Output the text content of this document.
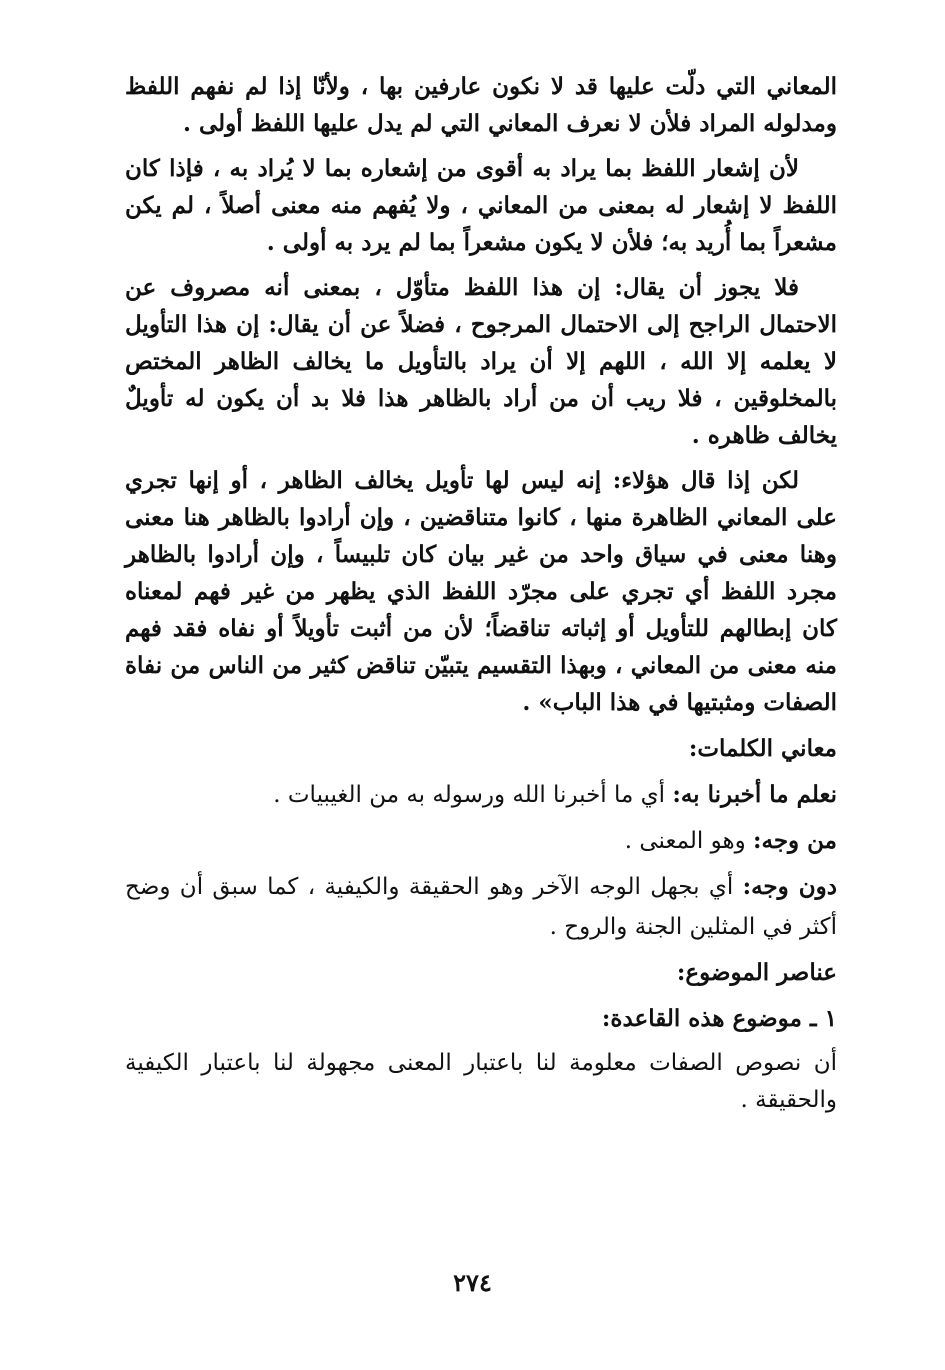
المعاني التي دلّت عليها قد لا نكون عارفين بها ، ولأنّا إذا لم نفهم اللفظ ومدلوله المراد فلأن لا نعرف المعاني التي لم يدل عليها اللفظ أولى .

لأن إشعار اللفظ بما يراد به أقوى من إشعاره بما لا يُراد به ، فإذا كان اللفظ لا إشعار له بمعنى من المعاني ، ولا يُفهم منه معنى أصلاً ، لم يكن مشعراً بما أُريد به؛ فلأن لا يكون مشعراً بما لم يرد به أولى .

فلا يجوز أن يقال: إن هذا اللفظ متأوّل ، بمعنى أنه مصروف عن الاحتمال الراجح إلى الاحتمال المرجوح ، فضلاً عن أن يقال: إن هذا التأويل لا يعلمه إلا الله ، اللهم إلا أن يراد بالتأويل ما يخالف الظاهر المختص بالمخلوقين ، فلا ريب أن من أراد بالظاهر هذا فلا بد أن يكون له تأويلٌ يخالف ظاهره .

لكن إذا قال هؤلاء: إنه ليس لها تأويل يخالف الظاهر ، أو إنها تجري على المعاني الظاهرة منها ، كانوا متناقضين ، وإن أرادوا بالظاهر هنا معنى وهنا معنى في سياق واحد من غير بيان كان تلبيساً ، وإن أرادوا بالظاهر مجرد اللفظ أي تجري على مجرّد اللفظ الذي يظهر من غير فهم لمعناه كان إبطالهم للتأويل أو إثباته تناقضاً؛ لأن من أثبت تأويلاً أو نفاه فقد فهم منه معنى من المعاني ، وبهذا التقسيم يتبيّن تناقض كثير من الناس من نفاة الصفات ومثبتيها في هذا الباب» .

معاني الكلمات:
نعلم ما أخبرنا به: أي ما أخبرنا الله ورسوله به من الغيبيات .
من وجه: وهو المعنى .
دون وجه: أي بجهل الوجه الآخر وهو الحقيقة والكيفية ، كما سبق أن وضح أكثر في المثلين الجنة والروح .
عناصر الموضوع:
١ ـ موضوع هذه القاعدة:

أن نصوص الصفات معلومة لنا باعتبار المعنى مجهولة لنا باعتبار الكيفية والحقيقة .

٢٧٤
